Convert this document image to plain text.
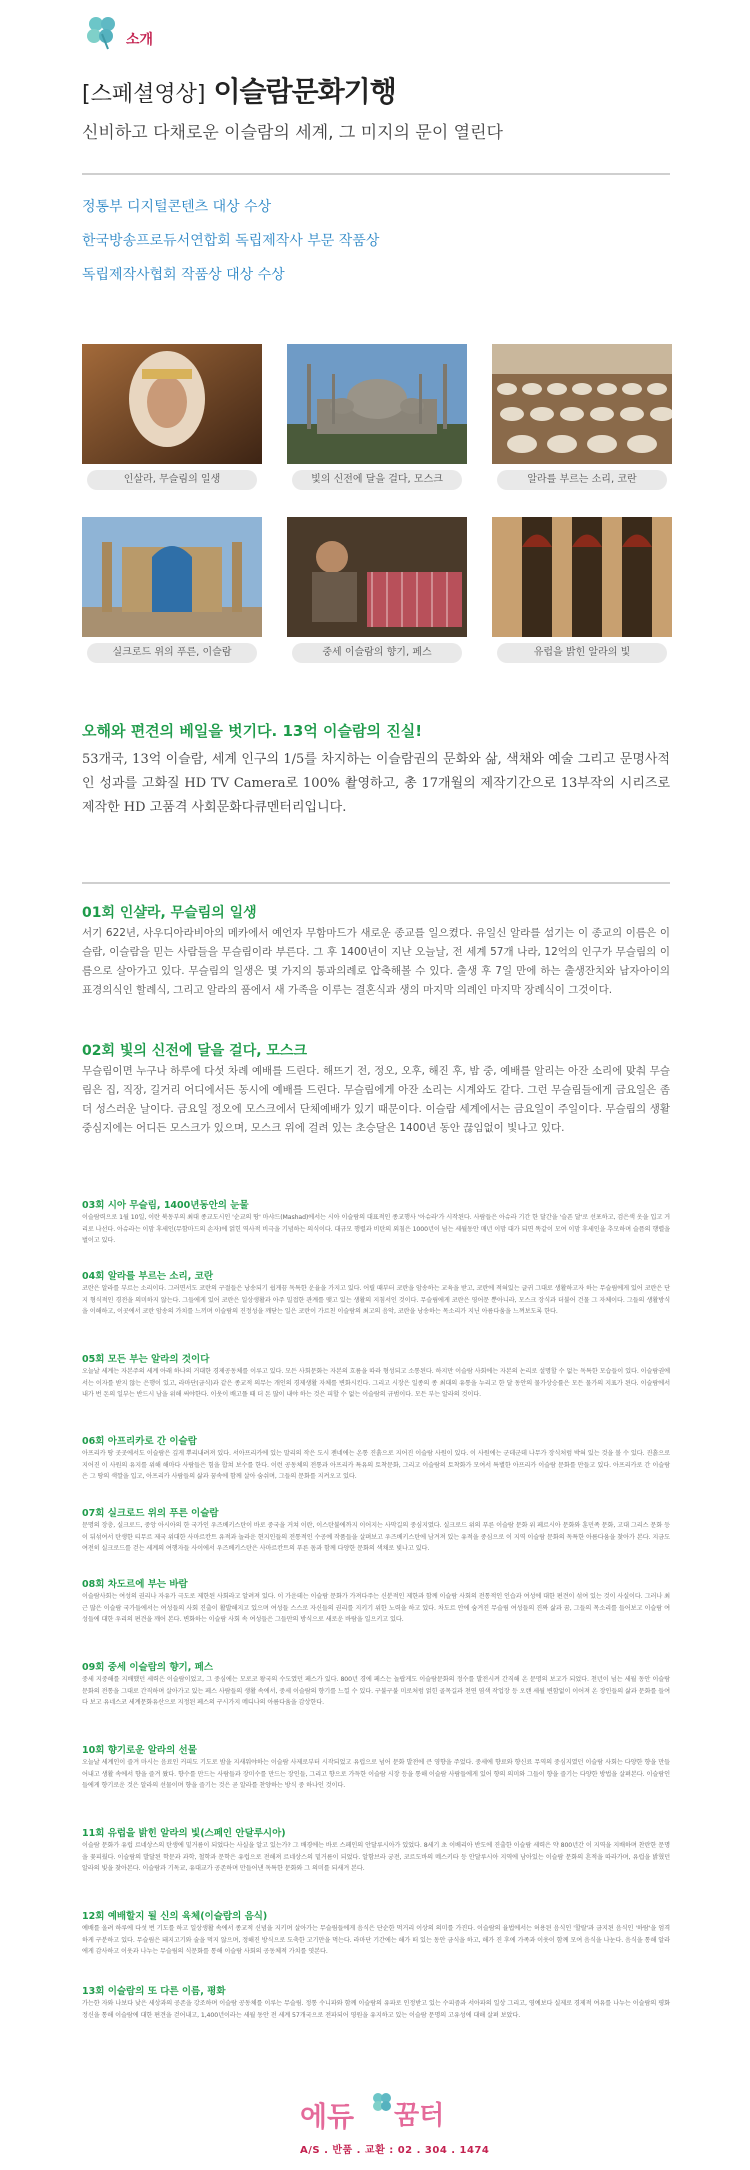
소개
[스페셜영상] 이슬람문화기행
신비하고 다채로운 이슬람의 세계, 그 미지의 문이 열린다
정통부 디지털콘텐츠 대상 수상
한국방송프로듀서연합회 독립제작사 부문 작품상
독립제작사협회 작품상 대상 수상
인살라, 무슬림의 일생	빛의 신전에 달을 걸다, 모스크	알라를 부르는 소리, 코란
실크로드 위의 푸른, 이슬람	중세 이슬람의 향기, 페스	유럽을 밝힌 알라의 빛
오해와 편견의 베일을 벗기다. 13억 이슬람의 진실!
53개국, 13억 이슬람, 세계 인구의 1/5를 차지하는 이슬람권의 문화와 삶, 색채와 예술 그리고 문명사적인 성과를 고화질 HD TV Camera로 100% 촬영하고, 총 17개월의 제작기간으로 13부작의 시리즈로 제작한 HD 고품격 사회문화다큐멘터리입니다.
01회 인샬라, 무슬림의 일생
서기 622년, 사우디아라비아의 메카에서 예언자 무함마드가 새로운 종교를 일으켰다. 유일신 알라를 섬기는 이 종교의 이름은 이슬람, 이슬람을 믿는 사람들을 무슬림이라 부른다. 그 후 1400년이 지난 오늘날, 전 세계 57개 나라, 12억의 인구가 무슬림의 이름으로 살아가고 있다. 무슬림의 일생은 몇 가지의 통과의례로 압축해볼 수 있다. 출생 후 7일 만에 하는 출생잔치와 남자아이의 표경의식인 할례식, 그리고 알라의 품에서 새 가족을 이루는 결혼식과 생의 마지막 의례인 마지막 장례식이 그것이다.
02회 빛의 신전에 달을 걸다, 모스크
무슬림이면 누구나 하루에 다섯 차례 예배를 드린다. 해뜨기 전, 정오, 오후, 해진 후, 밤 중, 예배를 알리는 아잔 소리에 맞춰 무슬림은 집, 직장, 길거리 어디에서든 동시에 예배를 드린다. 무슬림에게 아잔 소리는 시계와도 같다. 그런 무슬림들에게 금요일은 좀 더 성스러운 날이다. 금요일 정오에 모스크에서 단체예배가 있기 때문이다. 이슬람 세계에서는 금요일이 주일이다. 무슬림의 생활 중심지에는 어디든 모스크가 있으며, 모스크 위에 걸려 있는 초승달은 1400년 동안 끊임없이 빛나고 있다.
03회 시아 무슬림, 1400년동안의 눈물
이슬람력으로 1월 10일, 이란 북동부의 최대 종교도시인 '순교의 땅' 마샤드(Mashad)에서는 시아 이슬람의 대표적인 종교행사 '아슈라'가 시작된다. 사람들은 아슈라 기간 한 달간을 '슬픈 달'로 선포하고, 검은색 옷을 입고 거리로 나선다. 아슈라는 이맘 후세인(무함마드의 손자)에 얽힌 역사적 비극을 기념하는 의식이다. 대규모 행렬과 비탄의 외침은 1000년이 넘는 세월동안 매년 이맘 대가 되면 똑같이 모여 이맘 후세인을 추모하며 슬픔의 행렬을 벌이고 있다.
04회 알라를 부르는 소리, 코란
코란은 알라를 부르는 소리이다. 그러면서도 코란의 구절들은 낭송되기 쉽게끔 독특한 운율을 가지고 있다. 어릴 때부터 코란을 암송하는 교육을 받고, 코란에 적혀있는 글귀 그대로 생활하고자 하는 무슬림에게 있어 코란은 단지 형식적인 경전을 의미하지 않는다. 그들에게 있어 코란은 일상생활과 아주 밀접한 관계를 맺고 있는 생활의 지침서인 것이다. 무슬림에게 코란은 영어문 뿐아니라, 모스크 장식과 더불어 건물 그 자체이다. 그들의 생활방식을 이해하고, 이곳에서 코란 암송의 가치를 느끼며 이슬람의 진정성을 깨닫는 일은 코란이 가르친 이슬람의 최고의 음악, 코란을 낭송하는 목소리가 지닌 아름다움을 느껴보도록 한다.
05회 모든 부는 알라의 것이다
오늘날 세계는 자본주의 세계 아래 하나의 거대한 경제공동체를 이루고 있다. 모든 사회문화는 자본의 흐름을 따라 형성되고 소통된다. 하지만 이슬람 사회에는 자본의 논리로 설명할 수 없는 독특한 모습들이 있다. 이슬람권에서는 이자를 받지 않는 은행이 있고, 라마단(금식)과 같은 종교적 의무는 개인의 경제생활 자체를 변화시킨다. 그리고 시장은 일종의 종 최대의 유통을 누리고 한 달 동안의 물가상승률은 모든 물가의 지표가 된다. 이슬람에서 내가 번 돈의 일부는 반드시 남을 위해 써야한다. 이웃이 배고플 때 더 돈 많이 내야 하는 것은 피할 수 없는 이슬람의 규범이다. 모든 부는 알라의 것이다.
06회 아프리카로 간 이슬람
아프리카 땅 곳곳에서도 이슬람은 깊게 뿌리내려져 있다. 서아프리카에 있는 말리의 작은 도시 젠네에는 온통 진흙으로 지어진 이슬람 사원이 있다. 이 사원에는 군데군데 나무가 장식처럼 박혀 있는 것을 볼 수 있다. 진흙으로 지어진 이 사원의 유지를 위해 해마다 사람들은 힘을 합쳐 보수를 한다. 이런 공동체의 전통과 아프리카 특유의 토착문화, 그리고 이슬람의 토착화가 모여서 특별한 아프리카 이슬람 문화를 만들고 있다. 아프리카로 간 이슬람은 그 땅의 색깔을 입고, 아프리카 사람들의 삶과 꿈속에 함께 살아 숨쉬며, 그들의 문화를 지켜오고 있다.
07회 실크로드 위의 푸른 이슬람
문명의 장충, 실크로드, 중앙 아시아의 한 국가인 우즈베키스탄이 바로 중국을 거쳐 이란, 이스탄불에까지 이어지는 사막길의 중심지였다. 실크로드 위의 푸른 이슬람 문화 위 페르시아 문화와 훈민족 문화, 고대 그리스 문화 등이 뒤섞여서 탄생한 티무르 제국 위대한 사마르칸트 유적과 놀라운 현지인들의 전통적인 수공예 작품들을 살펴보고 우즈베키스탄에 남겨져 있는 유적을 중심으로 이 지역 이슬람 문화의 독특한 아름다움을 찾아가 본다. 지금도 여전히 실크로드를 걷는 세계의 여행자들 사이에서 우즈베키스탄은 사마르칸트의 푸른 돔과 함께 다양한 문화의 색채로 빛나고 있다.
08회 차도르에 부는 바람
이슬람사회는 여성의 권리나 자유가 극도로 제한된 사회라고 알려져 있다. 이 가운데는 이슬람 문화가 가져다주는 신분적인 제한과 함께 이슬람 사회의 전통적인 인습과 여성에 대한 편견이 섞여 있는 것이 사실이다. 그러나 최근 많은 이슬람 국가들에서는 여성들의 사회 진출이 활발해지고 있으며 여성들 스스로 자신들의 권리를 지키기 위한 노력을 하고 있다. 차도르 안에 숨겨진 무슬림 여성들의 진짜 삶과 꿈, 그들의 목소리를 들어보고 이슬람 여성들에 대한 우리의 편견을 깨어 본다. 변화하는 이슬람 사회 속 여성들은 그들만의 방식으로 새로운 바람을 일으키고 있다.
09회 중세 이슬람의 향기, 페스
중세 지중해를 지배했던 세력은 이슬람이었고, 그 중심에는 모로코 왕국의 수도였던 페스가 있다. 800년 경에 페스는 놀랍게도 이슬람문화의 정수를 발전시켜 간직해 온 문명의 보고가 되었다. 천년이 넘는 세월 동안 이슬람 문화의 전통을 그대로 간직하며 살아가고 있는 페스 사람들의 생활 속에서, 중세 이슬람의 향기를 느낄 수 있다. 구불구불 미로처럼 얽힌 골목길과 천연 염색 작업장 등 오랜 세월 변함없이 이어져 온 장인들의 삶과 문화를 들여다 보고 유네스코 세계문화유산으로 지정된 페스의 구시가지 메디나의 아름다움을 감상한다.
10회 향기로운 알라의 선물
오늘날 세계인이 즐겨 마시는 음료인 커피도 기도로 밤을 지새워야하는 이슬람 사제로부터 시작되었고 유럽으로 넘어 문화 발전에 큰 영향을 주었다. 중세에 향료와 향신료 무역의 중심지였던 이슬람 사회는 다양한 향을 만들어내고 생활 속에서 향을 즐겨 왔다. 향수를 만드는 사람들과 장미수를 만드는 장인들, 그리고 향으로 가득한 이슬람 시장 등을 통해 이슬람 사람들에게 있어 향의 의미와 그들이 향을 즐기는 다양한 방법을 살펴본다. 이슬람인들에게 향기로운 것은 알라의 선물이며 향을 즐기는 것은 곧 알라를 찬양하는 방식 중 하나인 것이다.
11회 유럽을 밝힌 알라의 빛(스페인 안달루시아)
이슬람 문화가 유럽 르네상스의 탄생에 밑거름이 되었다는 사실을 알고 있는가? 그 배경에는 바로 스페인의 안달루시아가 있었다. 8세기 초 이베리아 반도에 진출한 이슬람 세력은 약 800년간 이 지역을 지배하며 찬란한 문명을 꽃피웠다. 이슬람의 발달된 학문과 과학, 철학과 문학은 유럽으로 전해져 르네상스의 밑거름이 되었다. 알함브라 궁전, 코르도바의 메스키타 등 안달루시아 지역에 남아있는 이슬람 문화의 흔적을 따라가며, 유럽을 밝혔던 알라의 빛을 찾아본다. 이슬람과 기독교, 유대교가 공존하며 만들어낸 독특한 문화와 그 의미를 되새겨 본다.
12회 예배할지 될 신의 육체(이슬람의 음식)
예배를 올려 하루에 다섯 번 기도를 하고 일상생활 속에서 종교적 신념을 지키며 살아가는 무슬림들에게 음식은 단순한 먹거리 이상의 의미를 가진다. 이슬람의 율법에서는 허용된 음식인 '할랄'과 금지된 음식인 '하람'을 엄격하게 구분하고 있다. 무슬림은 돼지고기와 술을 먹지 않으며, 정해진 방식으로 도축한 고기만을 먹는다. 라마단 기간에는 해가 떠 있는 동안 금식을 하고, 해가 진 후에 가족과 이웃이 함께 모여 음식을 나눈다. 음식을 통해 알라에게 감사하고 이웃과 나누는 무슬림의 식문화를 통해 이슬람 사회의 공동체적 가치를 엿본다.
13회 이슬람의 또 다른 이름, 평화
가는한 자와 나보다 낮은 세상과의 공존을 강조하며 이슬람 공동체를 이루는 무슬림. 정통 수니파와 함께 이슬람의 유파로 인정받고 있는 수피즘과 서아파의 일상 그리고, 영예보다 실제로 경제적 여유를 나누는 이슬람의 평화 정신을 통해 이슬람에 대한 편견을 걷어내고, 1,400년이라는 세월 동안 전 세계 57개국으로 전파되어 영원을 유지하고 있는 이슬람 문명의 고유성에 대해 살펴 보았다.
에듀 꿈터
A/S . 반품 . 교환 : 02 . 304 . 1474
